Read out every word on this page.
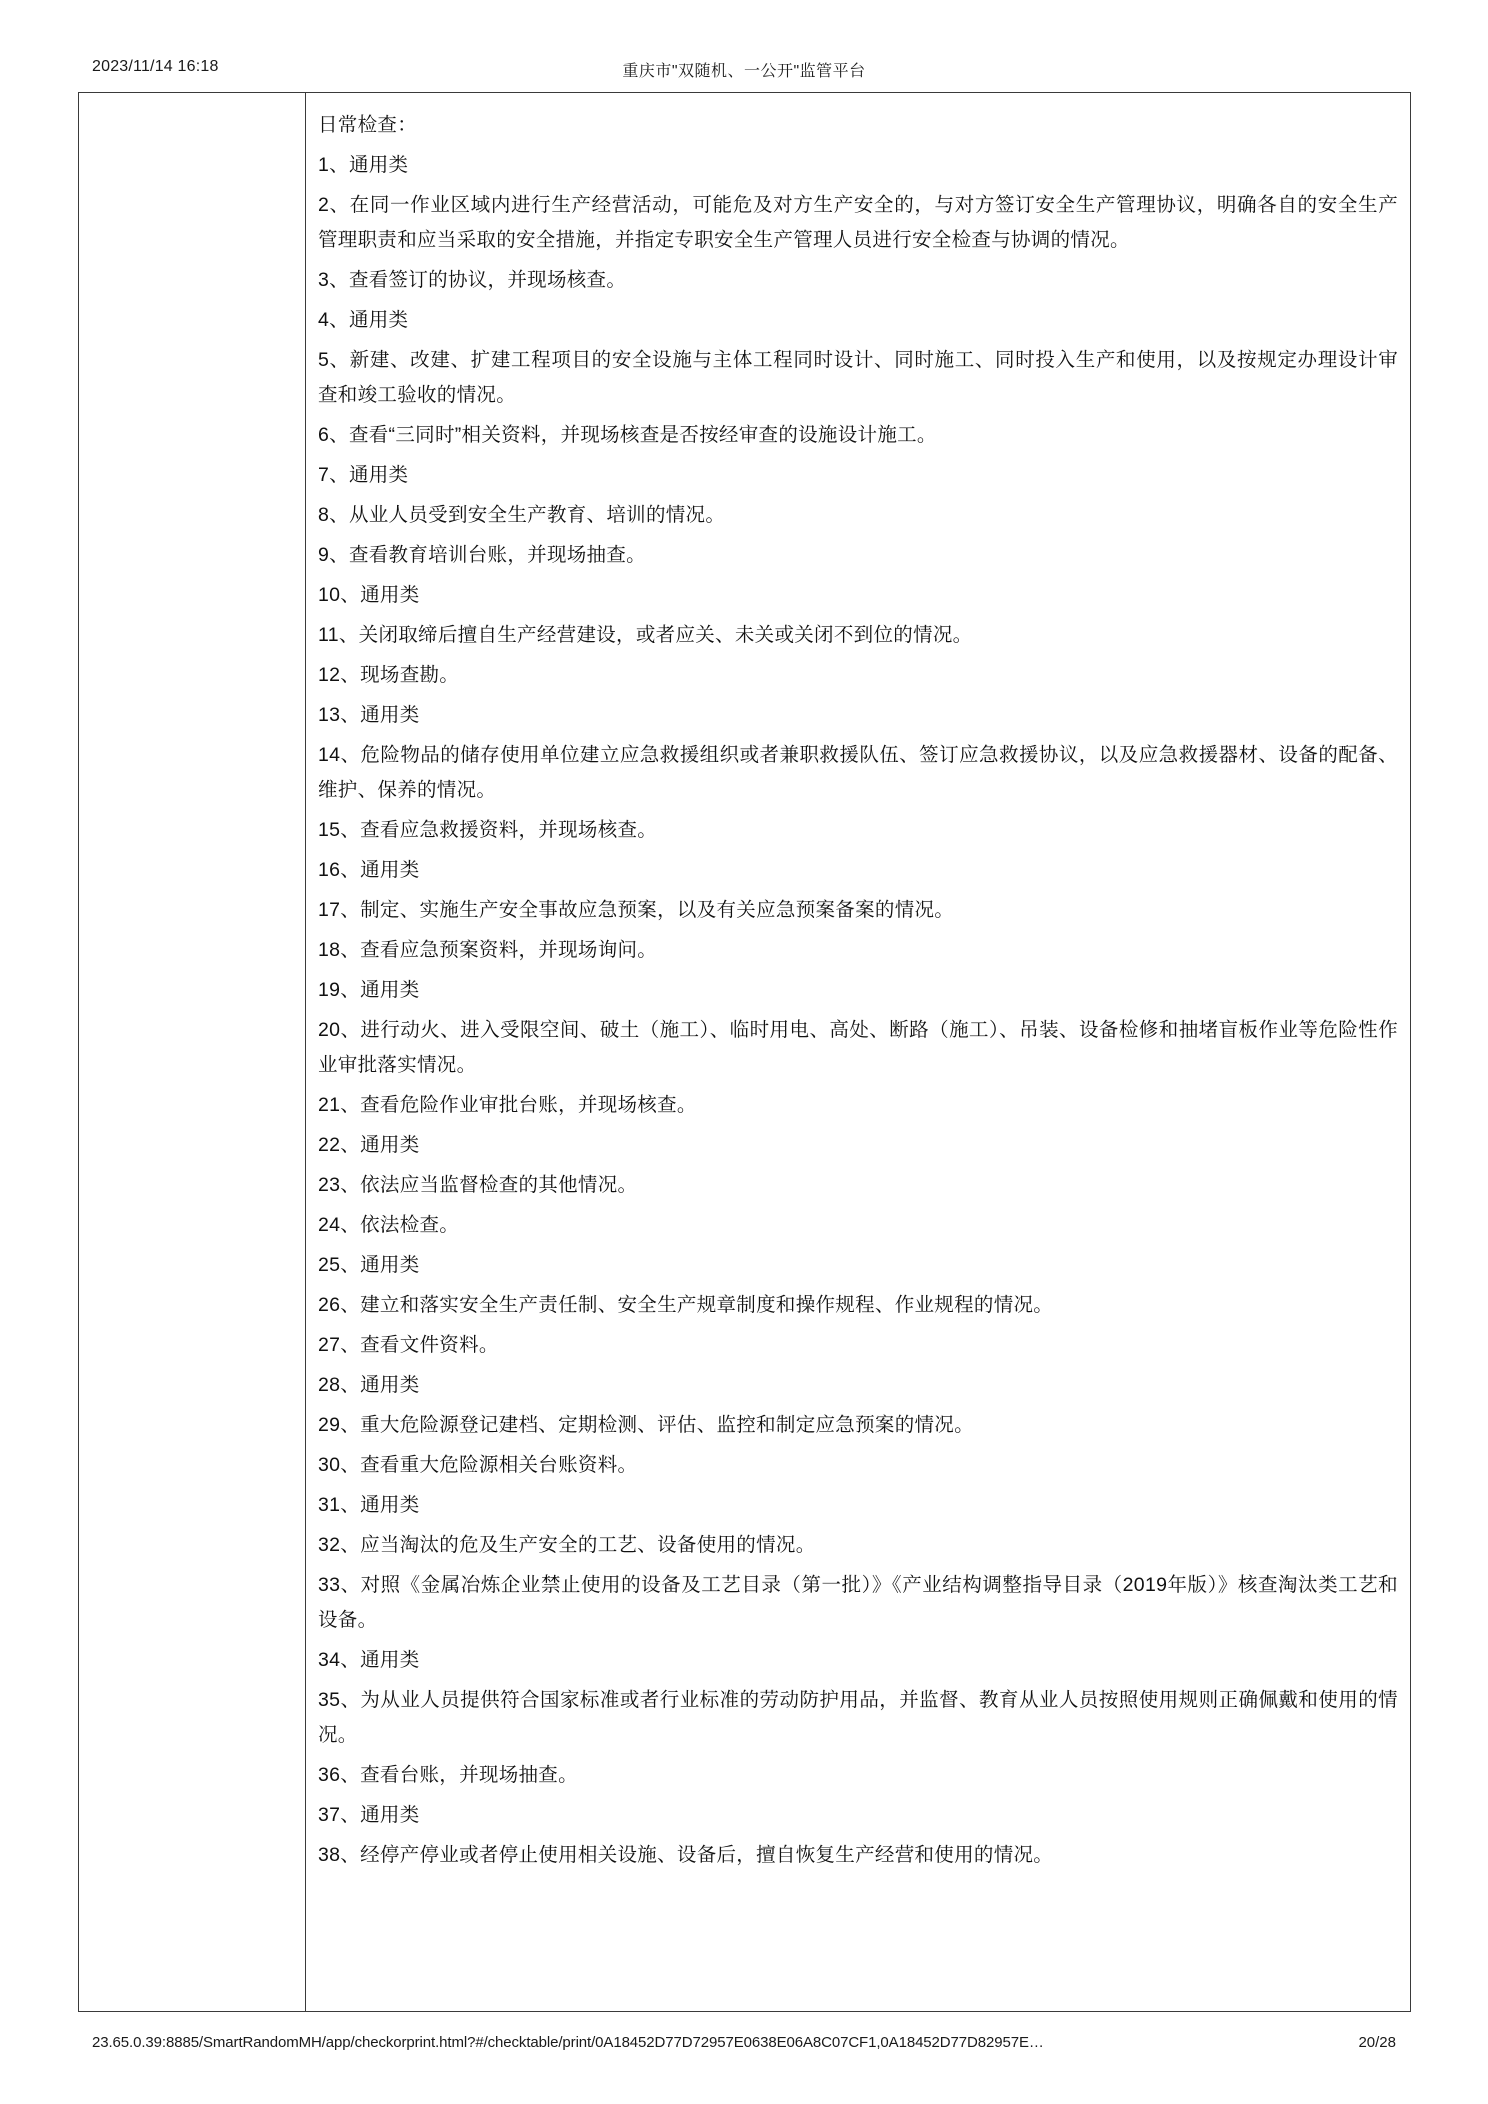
2023/11/14 16:18	重庆市"双随机、一公开"监管平台

日常检查：

1、通用类

2、在同一作业区域内进行生产经营活动，可能危及对方生产安全的，与对方签订安全生产管理协议，明确各自的安全生产管理职责和应当采取的安全措施，并指定专职安全生产管理人员进行安全检查与协调的情况。

3、查看签订的协议，并现场核查。

4、通用类

5、新建、改建、扩建工程项目的安全设施与主体工程同时设计、同时施工、同时投入生产和使用，以及按规定办理设计审查和竣工验收的情况。

6、查看“三同时”相关资料，并现场核查是否按经审查的设施设计施工。

7、通用类

8、从业人员受到安全生产教育、培训的情况。

9、查看教育培训台账，并现场抽查。

10、通用类

11、关闭取缔后擅自生产经营建设，或者应关、未关或关闭不到位的情况。

12、现场查勘。

13、通用类

14、危险物品的储存使用单位建立应急救援组织或者兼职救援队伍、签订应急救援协议，以及应急救援器材、设备的配备、维护、保养的情况。

15、查看应急救援资料，并现场核查。

16、通用类

17、制定、实施生产安全事故应急预案，以及有关应急预案备案的情况。

18、查看应急预案资料，并现场询问。

19、通用类

20、进行动火、进入受限空间、破土（施工）、临时用电、高处、断路（施工）、吊装、设备检修和抽堵盲板作业等危险性作业审批落实情况。

21、查看危险作业审批台账，并现场核查。

22、通用类

23、依法应当监督检查的其他情况。

24、依法检查。

25、通用类

26、建立和落实安全生产责任制、安全生产规章制度和操作规程、作业规程的情况。

27、查看文件资料。

28、通用类

29、重大危险源登记建档、定期检测、评估、监控和制定应急预案的情况。

30、查看重大危险源相关台账资料。

31、通用类

32、应当淘汰的危及生产安全的工艺、设备使用的情况。

33、对照《金属冶炼企业禁止使用的设备及工艺目录（第一批）》《产业结构调整指导目录（2019年版）》核查淘汰类工艺和设备。

34、通用类

35、为从业人员提供符合国家标准或者行业标准的劳动防护用品，并监督、教育从业人员按照使用规则正确佩戴和使用的情况。

36、查看台账，并现场抽查。

37、通用类

38、经停产停业或者停止使用相关设施、设备后，擅自恢复生产经营和使用的情况。

23.65.0.39:8885/SmartRandomMH/app/checkorprint.html?#/checktable/print/0A18452D77D72957E0638E06A8C07CF1,0A18452D77D82957E…	20/28
